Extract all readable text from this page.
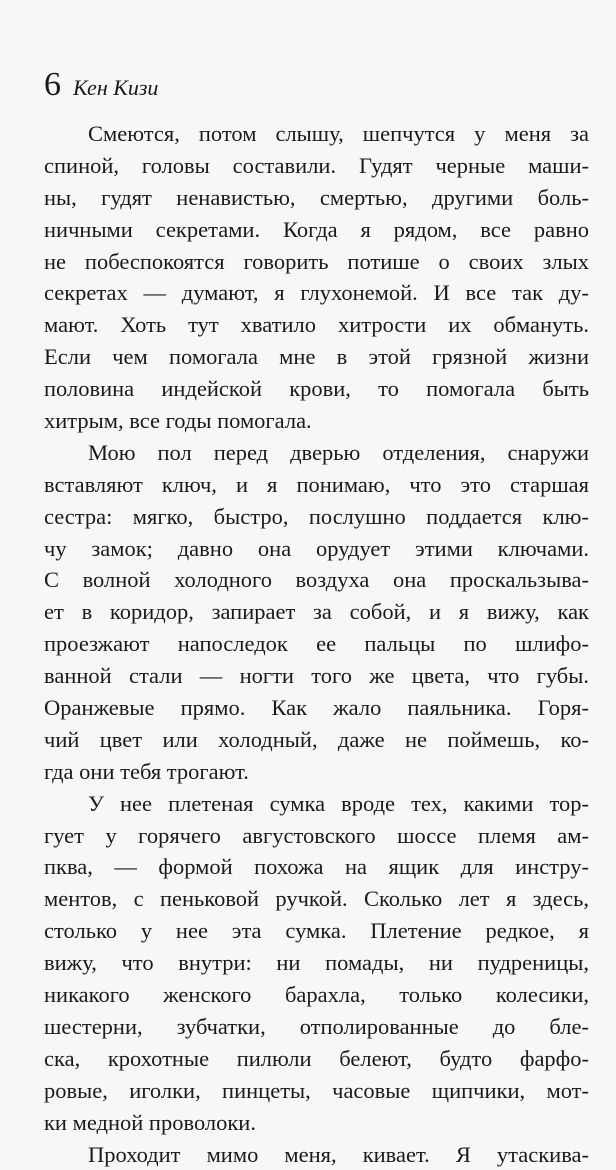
6 Кен Кизи
Смеются, потом слышу, шепчутся у меня за
спиной, головы составили. Гудят черные маши-
ны, гудят ненавистью, смертью, другими боль-
ничными секретами. Когда я рядом, все равно
не побеспокоятся говорить потише о своих злых
секретах — думают, я глухонемой. И все так ду-
мают. Хоть тут хватило хитрости их обмануть.
Если чем помогала мне в этой грязной жизни
половина индейской крови, то помогала быть
хитрым, все годы помогала.
Мою пол перед дверью отделения, снаружи
вставляют ключ, и я понимаю, что это старшая
сестра: мягко, быстро, послушно поддается клю-
чу замок; давно она орудует этими ключами.
С волной холодного воздуха она проскальзыва-
ет в коридор, запирает за собой, и я вижу, как
проезжают напоследок ее пальцы по шлифо-
ванной стали — ногти того же цвета, что губы.
Оранжевые прямо. Как жало паяльника. Горя-
чий цвет или холодный, даже не поймешь, ко-
гда они тебя трогают.
У нее плетеная сумка вроде тех, какими тор-
гует у горячего августовского шоссе племя ам-
пква, — формой похожа на ящик для инстру-
ментов, с пеньковой ручкой. Сколько лет я здесь,
столько у нее эта сумка. Плетение редкое, я
вижу, что внутри: ни помады, ни пудреницы,
никакого женского барахла, только колесики,
шестерни, зубчатки, отполированные до бле-
ска, крохотные пилюли белеют, будто фарфо-
ровые, иголки, пинцеты, часовые щипчики, мот-
ки медной проволоки.
Проходит мимо меня, кивает. Я утаскива-
